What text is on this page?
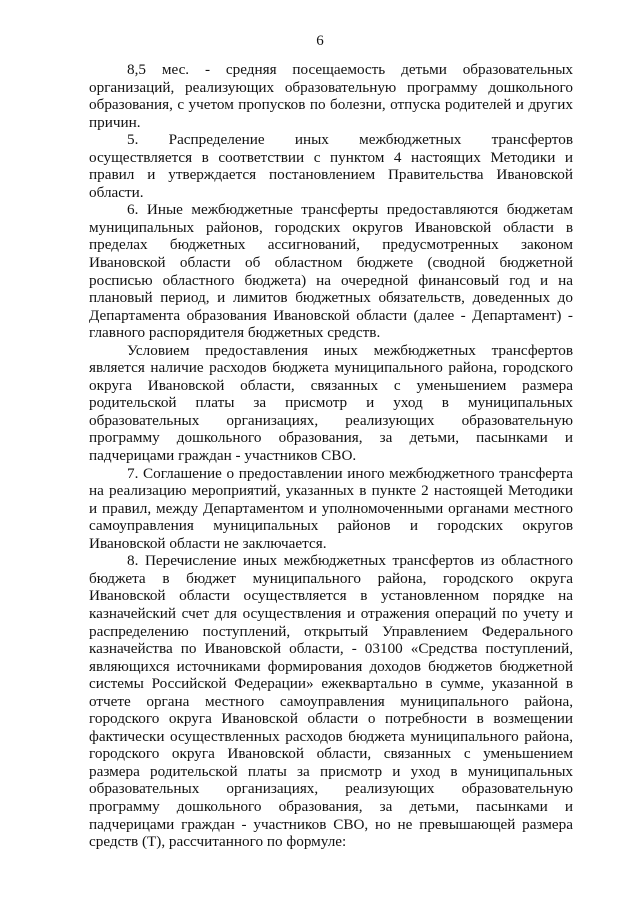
6

8,5 мес. - средняя посещаемость детьми образовательных организаций, реализующих образовательную программу дошкольного образования, с учетом пропусков по болезни, отпуска родителей и других причин.

5. Распределение иных межбюджетных трансфертов осуществляется в соответствии с пунктом 4 настоящих Методики и правил и утверждается постановлением Правительства Ивановской области.

6. Иные межбюджетные трансферты предоставляются бюджетам муниципальных районов, городских округов Ивановской области в пределах бюджетных ассигнований, предусмотренных законом Ивановской области об областном бюджете (сводной бюджетной росписью областного бюджета) на очередной финансовый год и на плановый период, и лимитов бюджетных обязательств, доведенных до Департамента образования Ивановской области (далее - Департамент) - главного распорядителя бюджетных средств.

Условием предоставления иных межбюджетных трансфертов является наличие расходов бюджета муниципального района, городского округа Ивановской области, связанных с уменьшением размера родительской платы за присмотр и уход в муниципальных образовательных организациях, реализующих образовательную программу дошкольного образования, за детьми, пасынками и падчерицами граждан - участников СВО.

7. Соглашение о предоставлении иного межбюджетного трансферта на реализацию мероприятий, указанных в пункте 2 настоящей Методики и правил, между Департаментом и уполномоченными органами местного самоуправления муниципальных районов и городских округов Ивановской области не заключается.

8. Перечисление иных межбюджетных трансфертов из областного бюджета в бюджет муниципального района, городского округа Ивановской области осуществляется в установленном порядке на казначейский счет для осуществления и отражения операций по учету и распределению поступлений, открытый Управлением Федерального казначейства по Ивановской области, - 03100 «Средства поступлений, являющихся источниками формирования доходов бюджетов бюджетной системы Российской Федерации» ежеквартально в сумме, указанной в отчете органа местного самоуправления муниципального района, городского округа Ивановской области о потребности в возмещении фактически осуществленных расходов бюджета муниципального района, городского округа Ивановской области, связанных с уменьшением размера родительской платы за присмотр и уход в муниципальных образовательных организациях, реализующих образовательную программу дошкольного образования, за детьми, пасынками и падчерицами граждан - участников СВО, но не превышающей размера средств (Т), рассчитанного по формуле:
